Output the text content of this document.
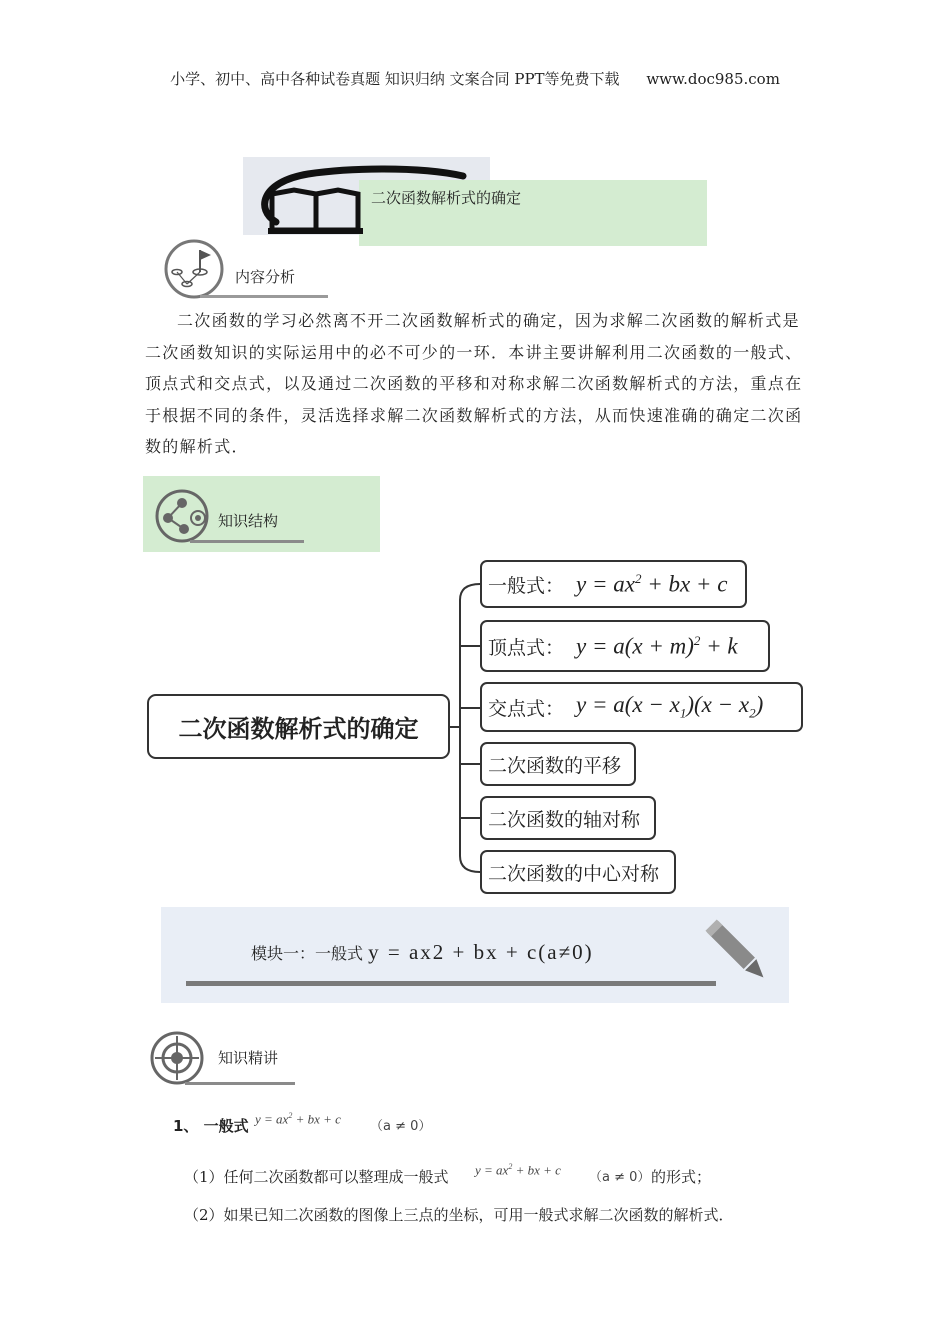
小学、初中、高中各种试卷真题 知识归纳 文案合同 PPT等免费下载 www.doc985.com
二次函数解析式的确定
内容分析
二次函数的学习必然离不开二次函数解析式的确定，因为求解二次函数的解析式是二次函数知识的实际运用中的必不可少的一环．本讲主要讲解利用二次函数的一般式、顶点式和交点式，以及通过二次函数的平移和对称求解二次函数解析式的方法，重点在于根据不同的条件，灵活选择求解二次函数解析式的方法，从而快速准确的确定二次函数的解析式．
知识结构
二次函数解析式的确定
一般式： $y = ax^2$ + bx + c
顶点式： $y = a(x + m)^2 + k$
交点式： $y = a(x - x_1)(x - x_2)$
二次函数的平移
二次函数的轴对称
二次函数的中心对称
模块一：一般式 y = ax2 + bx + c(a≠0)
知识精讲
1、 一般式 $y = ax^2$ + bx + c
（a ≠ 0）
（1）任何二次函数都可以整理成一般式 $y = ax^2$ + bx + c
（a ≠ 0） 的形式；
（2）如果已知二次函数的图像上三点的坐标，可用一般式求解二次函数的解析式．
